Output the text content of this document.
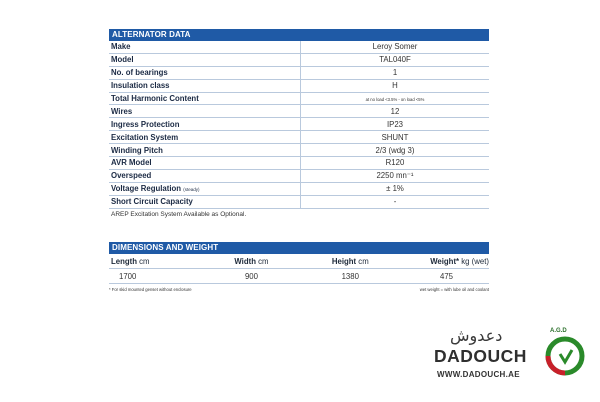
ALTERNATOR DATA
Make	Leroy Somer
Model	TAL040F
No. of bearings	1
Insulation class	H
Total Harmonic Content	at no load <3.5% - on load <5%
Wires	12
Ingress Protection	IP23
Excitation System	SHUNT
Winding Pitch	2/3 (wdg 3)
AVR Model	R120
Overspeed	2250 mn⁻¹
Voltage Regulation (steady)	± 1%
Short Circuit Capacity	-
AREP Excitation System Available as Optional.
DIMENSIONS AND WEIGHT
Length cm	Width cm	Height cm	Weight* kg (wet)
1700	900	1380	475
* For skid mounted genset without enclosure	wet weight = with lube oil and coolant
دعدوش	A.G.D
DADOUCH
WWW.DADOUCH.AE
